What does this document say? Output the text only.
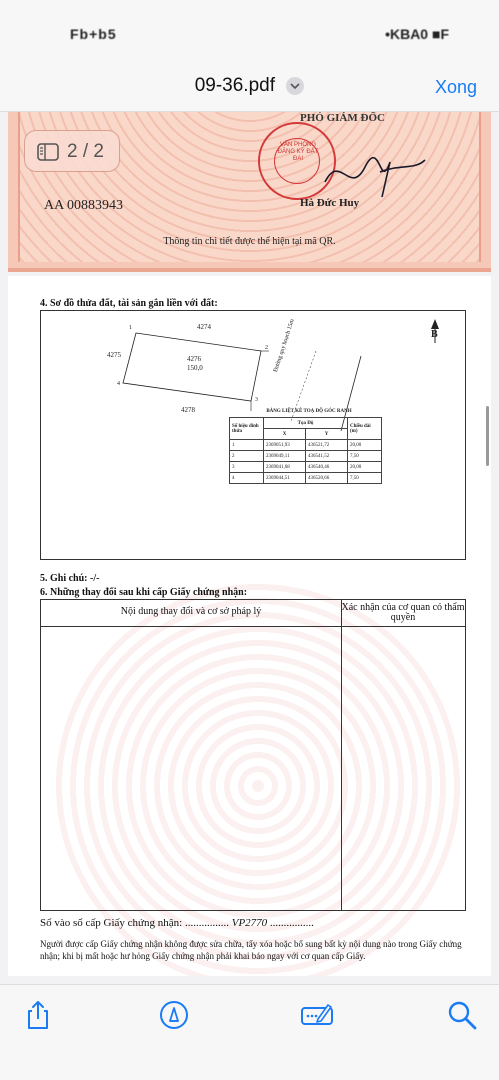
Fb+b5	•KBA0 ■F
09-36.pdf	Xong
PHÓ GIÁM ĐỐC
VĂN PHÒNG ĐĂNG KÝ ĐẤT ĐAI
Hà Đức Huy
AA 00883943
Thông tin chi tiết được thể hiện tại mã QR.
2 / 2
4. Sơ đồ thửa đất, tài sản gắn liền với đất:
B
4274
4275	4276
150,0
4278
1
2
3
4
Đường quy hoạch 15m
BẢNG LIỆT KÊ TOẠ ĐỘ GÓC RANH
Số hiệu đỉnh thửa	Tọa Độ		Chiều dài (m)
	X	Y	
1	2369051,93	436521,72	20,00
2	2369049,11	436541,52	7,50
3	2369041,68	436540,46	20,00
4	2369044,51	436520,66	7,50
5. Ghi chú: -/-
6. Những thay đổi sau khi cấp Giấy chứng nhận:
Nội dung thay đổi và cơ sở pháp lý	Xác nhận của cơ quan có thẩm quyền
Số vào sổ cấp Giấy chứng nhận: ................ VP2770 ................
Người được cấp Giấy chứng nhận không được sửa chữa, tẩy xóa hoặc bổ sung bất kỳ nội dung nào trong Giấy chứng nhận; khi bị mất hoặc hư hỏng Giấy chứng nhận phải khai báo ngay với cơ quan cấp Giấy.
